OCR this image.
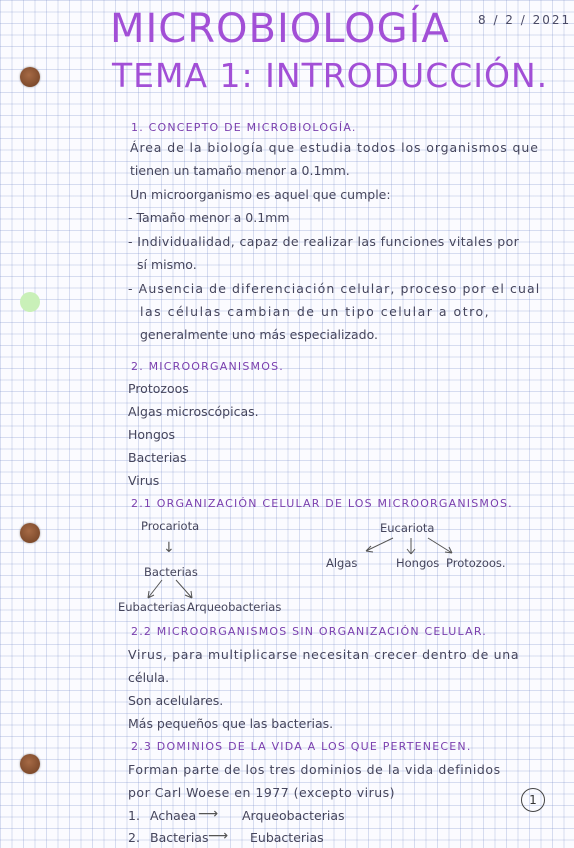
8 / 2 / 2021
MICROBIOLOGÍA
TEMA 1: INTRODUCCIÓN.
1. CONCEPTO DE MICROBIOLOGÍA.
Área de la biología que estudia todos los organismos que
tienen un tamaño menor a 0.1mm.
Un microorganismo es aquel que cumple:
- Tamaño menor a 0.1mm
- Individualidad, capaz de realizar las funciones vitales por
sí mismo.
- Ausencia de diferenciación celular, proceso por el cual
las células cambian de un tipo celular a otro,
generalmente uno más especializado.
2. MICROORGANISMOS.
Protozoos
Algas microscópicas.
Hongos
Bacterias
Virus
2.1 ORGANIZACIÓN CELULAR DE LOS MICROORGANISMOS.
Procariota
↓
Bacterias
Eubacterias Arqueobacterias
Eucariota
Algas	Hongos Protozoos.
2.2 MICROORGANISMOS SIN ORGANIZACIÓN CELULAR.
Virus, para multiplicarse necesitan crecer dentro de una
célula.
Son acelulares.
Más pequeños que las bacterias.
2.3 DOMINIOS DE LA VIDA A LOS QUE PERTENECEN.
Forman parte de los tres dominios de la vida definidos
por Carl Woese en 1977 (excepto virus)
1. Achaea ⟶ Arqueobacterias
2. Bacterias ⟶ Eubacterias
1
